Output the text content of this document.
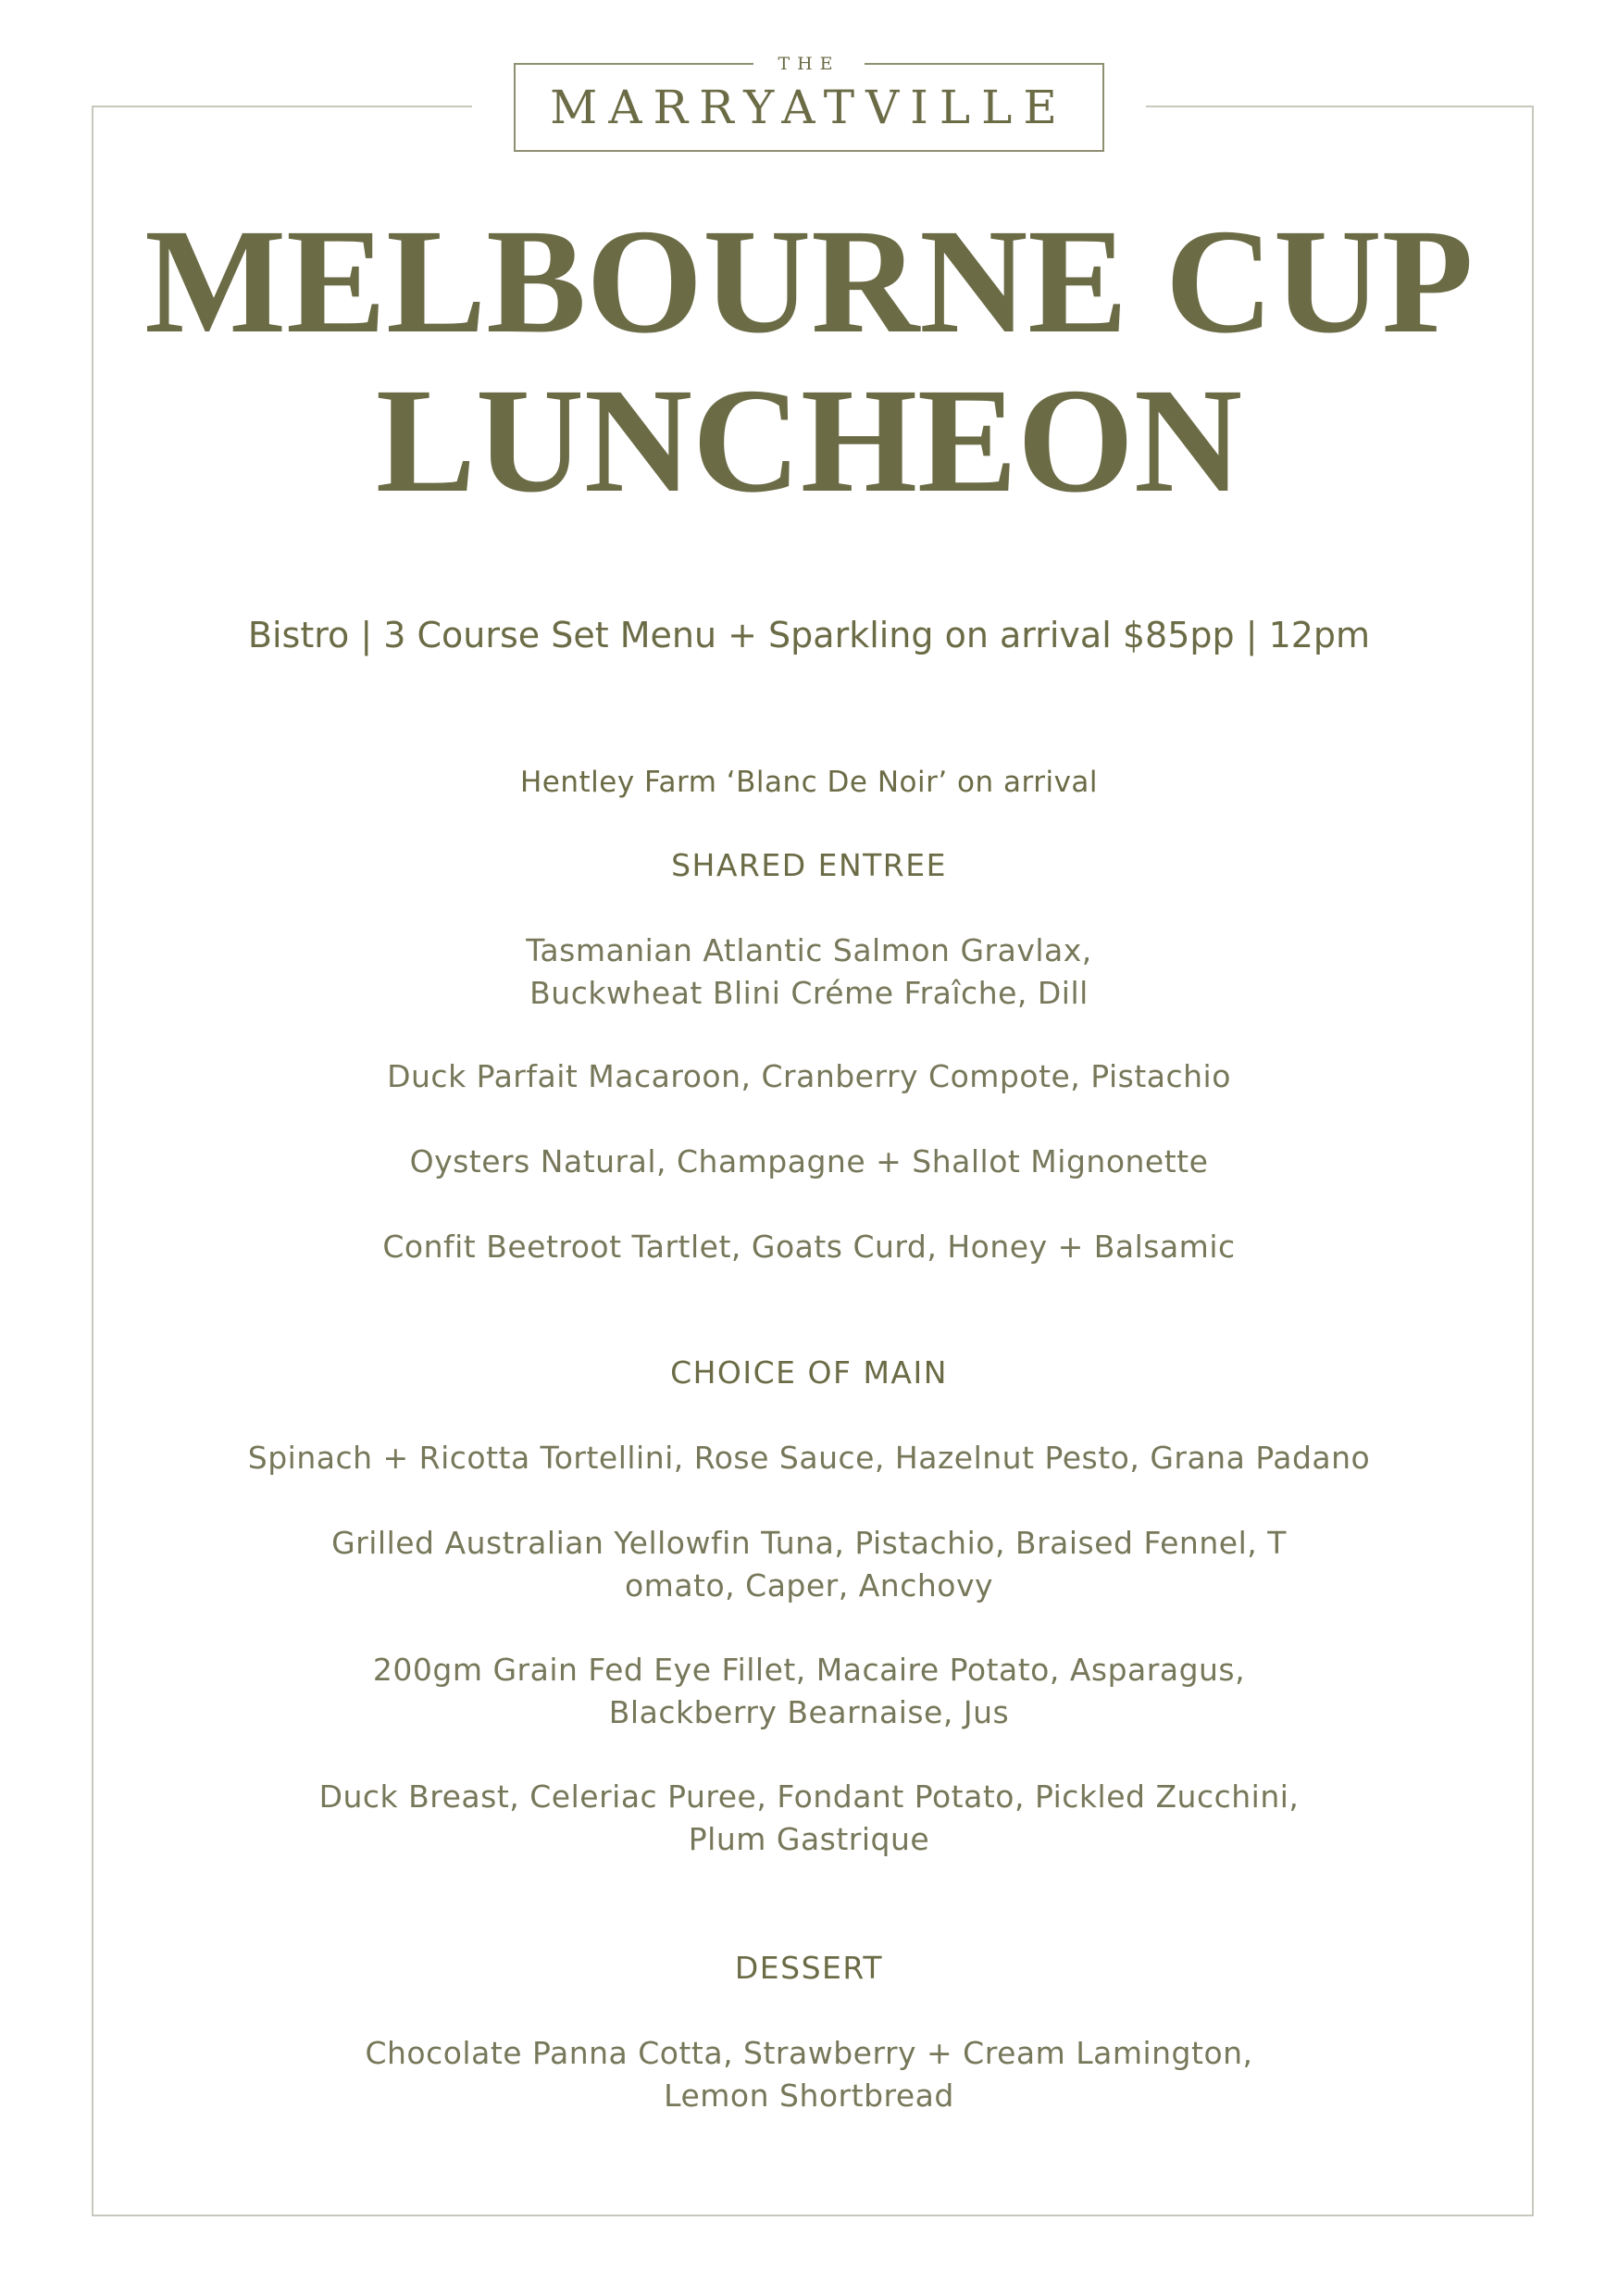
THE
MARRYATVILLE
MELBOURNE CUP
LUNCHEON
Bistro | 3 Course Set Menu + Sparkling on arrival $85pp | 12pm
Hentley Farm ‘Blanc De Noir’ on arrival
SHARED ENTREE
Tasmanian Atlantic Salmon Gravlax,
Buckwheat Blini Créme Fraîche, Dill
Duck Parfait Macaroon, Cranberry Compote, Pistachio
Oysters Natural, Champagne + Shallot Mignonette
Confit Beetroot Tartlet, Goats Curd, Honey + Balsamic
CHOICE OF MAIN
Spinach + Ricotta Tortellini, Rose Sauce, Hazelnut Pesto, Grana Padano
Grilled Australian Yellowfin Tuna, Pistachio, Braised Fennel, T
omato, Caper, Anchovy
200gm Grain Fed Eye Fillet, Macaire Potato, Asparagus,
Blackberry Bearnaise, Jus
Duck Breast, Celeriac Puree, Fondant Potato, Pickled Zucchini,
Plum Gastrique
DESSERT
Chocolate Panna Cotta, Strawberry + Cream Lamington,
Lemon Shortbread
